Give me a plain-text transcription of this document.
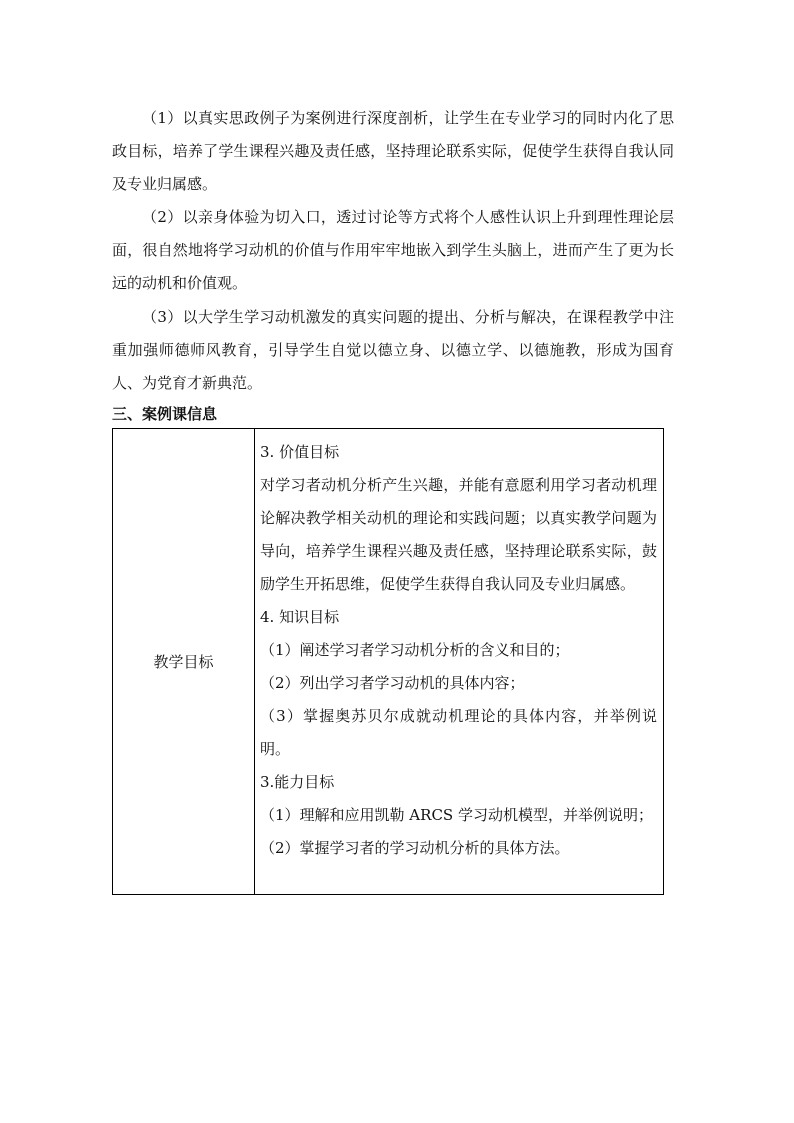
（1）以真实思政例子为案例进行深度剖析，让学生在专业学习的同时内化了思政目标，培养了学生课程兴趣及责任感，坚持理论联系实际，促使学生获得自我认同及专业归属感。

（2）以亲身体验为切入口，透过讨论等方式将个人感性认识上升到理性理论层面，很自然地将学习动机的价值与作用牢牢地嵌入到学生头脑上，进而产生了更为长远的动机和价值观。

（3）以大学生学习动机激发的真实问题的提出、分析与解决，在课程教学中注重加强师德师风教育，引导学生自觉以德立身、以德立学、以德施教，形成为国育人、为党育才新典范。

三、案例课信息
教学目标
3. 价值目标
对学习者动机分析产生兴趣，并能有意愿利用学习者动机理论解决教学相关动机的理论和实践问题；以真实教学问题为导向，培养学生课程兴趣及责任感，坚持理论联系实际，鼓励学生开拓思维，促使学生获得自我认同及专业归属感。
4. 知识目标
（1）阐述学习者学习动机分析的含义和目的；
（2）列出学习者学习动机的具体内容；
（3）掌握奥苏贝尔成就动机理论的具体内容，并举例说明。
3.能力目标
（1）理解和应用凯勒 ARCS 学习动机模型，并举例说明；
（2）掌握学习者的学习动机分析的具体方法。
